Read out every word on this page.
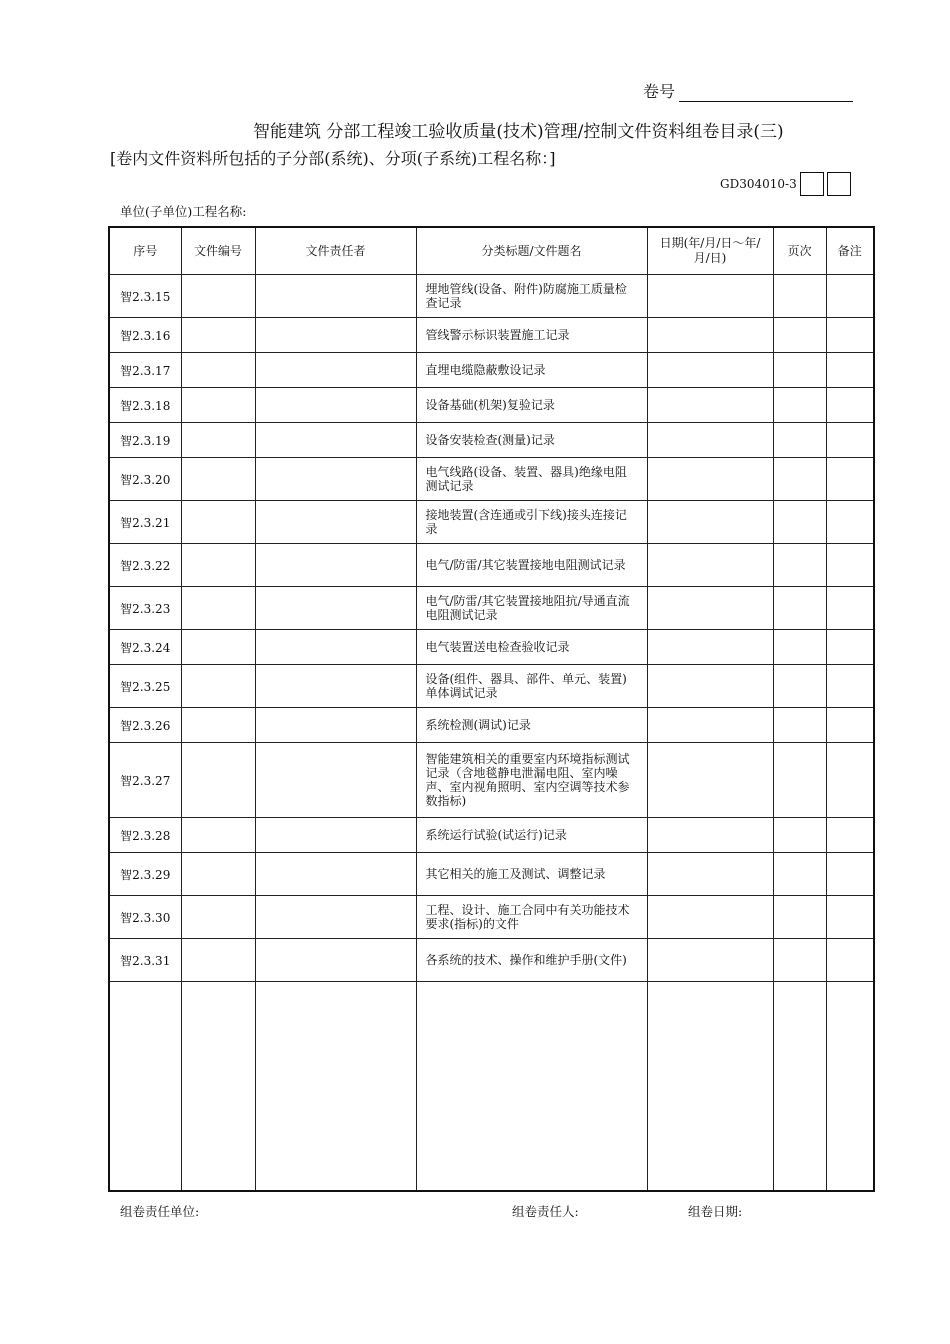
卷号
智能建筑 分部工程竣工验收质量(技术)管理/控制文件资料组卷目录(三)
[卷内文件资料所包括的子分部(系统)、分项(子系统)工程名称：]
GD304010-3
单位(子单位)工程名称:
序号	文件编号	文件责任者	分类标题/文件题名	日期(年/月/日～年/月/日)	页次	备注
智2.3.15			埋地管线(设备、附件)防腐施工质量检查记录			
智2.3.16			管线警示标识装置施工记录			
智2.3.17			直埋电缆隐蔽敷设记录			
智2.3.18			设备基础(机架)复验记录			
智2.3.19			设备安装检查(测量)记录			
智2.3.20			电气线路(设备、装置、器具)绝缘电阻测试记录			
智2.3.21			接地装置(含连通或引下线)接头连接记录			
智2.3.22			电气/防雷/其它装置接地电阻测试记录			
智2.3.23			电气/防雷/其它装置接地阻抗/导通直流电阻测试记录			
智2.3.24			电气装置送电检查验收记录			
智2.3.25			设备(组件、器具、部件、单元、装置)单体调试记录			
智2.3.26			系统检测(调试)记录			
智2.3.27			智能建筑相关的重要室内环境指标测试记录（含地毯静电泄漏电阻、室内噪声、室内视角照明、室内空调等技术参数指标)			
智2.3.28			系统运行试验(试运行)记录			
智2.3.29			其它相关的施工及测试、调整记录			
智2.3.30			工程、设计、施工合同中有关功能技术要求(指标)的文件			
智2.3.31			各系统的技术、操作和维护手册(文件)			

组卷责任单位:	组卷责任人:	组卷日期:
